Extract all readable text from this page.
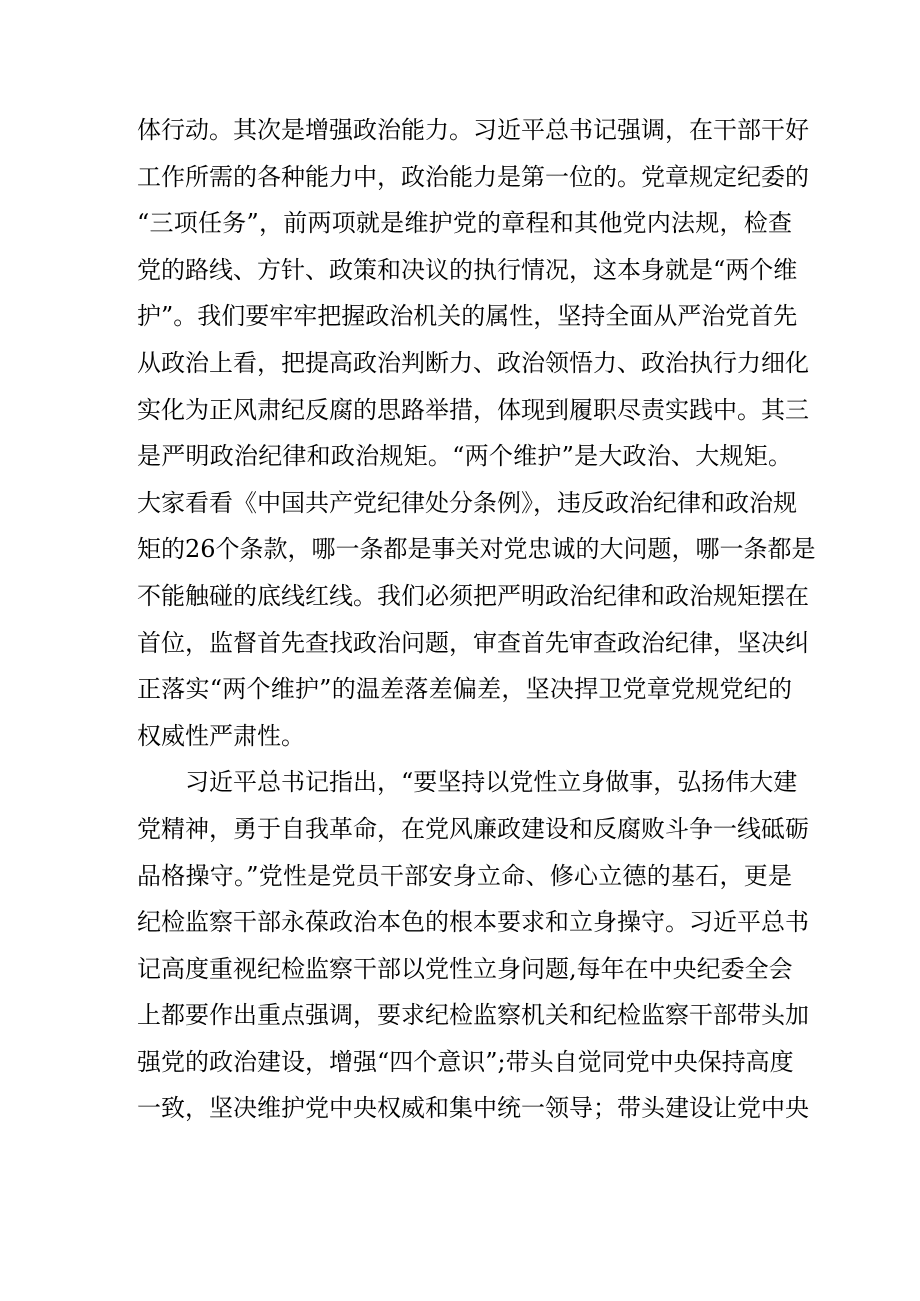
体行动。其次是增强政治能力。习近平总书记强调，在干部干好
工作所需的各种能力中，政治能力是第一位的。党章规定纪委的
“三项任务”，前两项就是维护党的章程和其他党内法规，检查
党的路线、方针、政策和决议的执行情况，这本身就是“两个维
护”。我们要牢牢把握政治机关的属性，坚持全面从严治党首先
从政治上看，把提高政治判断力、政治领悟力、政治执行力细化
实化为正风肃纪反腐的思路举措，体现到履职尽责实践中。其三
是严明政治纪律和政治规矩。“两个维护”是大政治、大规矩。
大家看看《中国共产党纪律处分条例》，违反政治纪律和政治规
矩的26个条款，哪一条都是事关对党忠诚的大问题，哪一条都是
不能触碰的底线红线。我们必须把严明政治纪律和政治规矩摆在
首位，监督首先查找政治问题，审查首先审查政治纪律，坚决纠
正落实“两个维护”的温差落差偏差，坚决捍卫党章党规党纪的
权威性严肃性。
习近平总书记指出，“要坚持以党性立身做事，弘扬伟大建
党精神，勇于自我革命，在党风廉政建设和反腐败斗争一线砥砺
品格操守。”党性是党员干部安身立命、修心立德的基石，更是
纪检监察干部永葆政治本色的根本要求和立身操守。习近平总书
记高度重视纪检监察干部以党性立身问题,每年在中央纪委全会
上都要作出重点强调，要求纪检监察机关和纪检监察干部带头加
强党的政治建设，增强“四个意识”;带头自觉同党中央保持高度
一致，坚决维护党中央权威和集中统一领导；带头建设让党中央
